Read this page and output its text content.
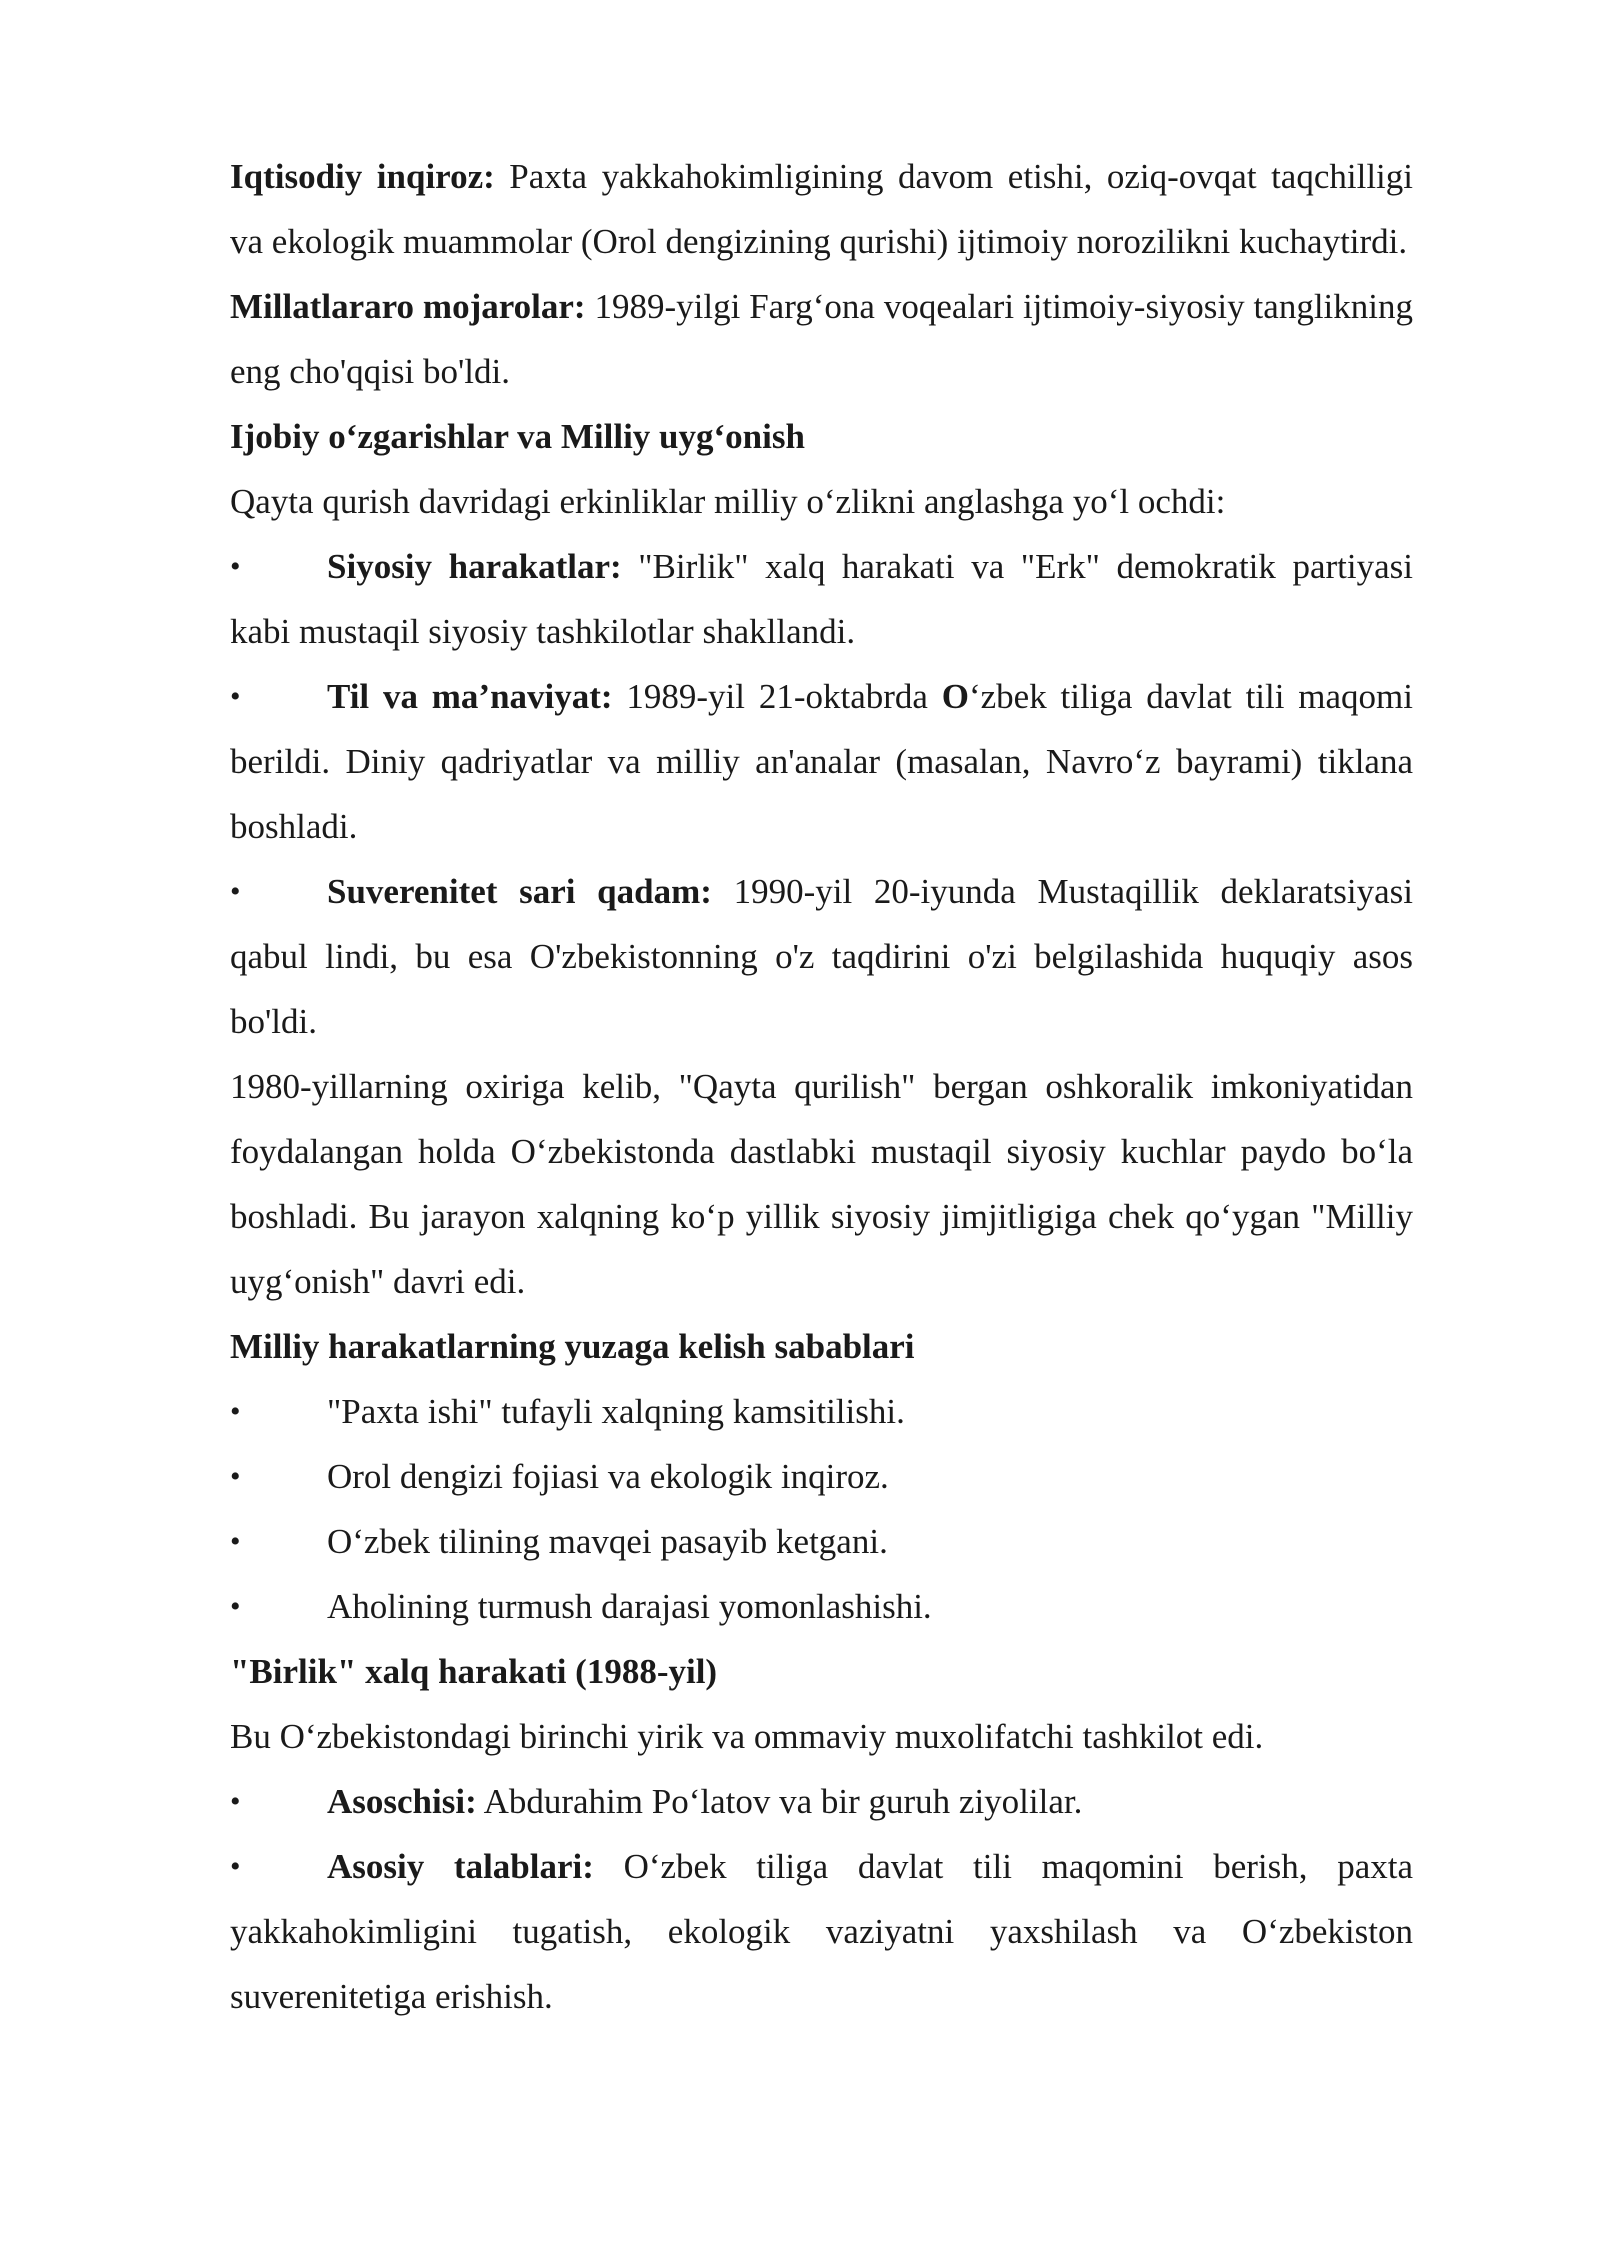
Iqtisodiy inqiroz: Paxta yakkahokimligining davom etishi, oziq-ovqat taqchilligi va ekologik muammolar (Orol dengizining qurishi) ijtimoiy norozilikni kuchaytirdi.

Millatlararo mojarolar: 1989-yilgi Farg‘ona voqealari ijtimoiy-siyosiy tanglikning eng cho'qqisi bo'ldi.

Ijobiy o‘zgarishlar va Milliy uyg‘onish

Qayta qurish davridagi erkinliklar milliy o‘zlikni anglashga yo‘l ochdi:

• Siyosiy harakatlar: "Birlik" xalq harakati va "Erk" demokratik partiyasi kabi mustaqil siyosiy tashkilotlar shakllandi.

• Til va ma’naviyat: 1989-yil 21-oktabrda O‘zbek tiliga davlat tili maqomi berildi. Diniy qadriyatlar va milliy an'analar (masalan, Navro‘z bayrami) tiklana boshladi.

• Suverenitet sari qadam: 1990-yil 20-iyunda Mustaqillik deklaratsiyasi qabul lindi, bu esa O'zbekistonning o'z taqdirini o'zi belgilashida huquqiy asos bo'ldi.

1980-yillarning oxiriga kelib, "Qayta qurilish" bergan oshkoralik imkoniyatidan foydalangan holda O‘zbekistonda dastlabki mustaqil siyosiy kuchlar paydo bo‘la boshladi. Bu jarayon xalqning ko‘p yillik siyosiy jimjitligiga chek qo‘ygan "Milliy uyg‘onish" davri edi.

Milliy harakatlarning yuzaga kelish sabablari

• "Paxta ishi" tufayli xalqning kamsitilishi.

• Orol dengizi fojiasi va ekologik inqiroz.

• O‘zbek tilining mavqei pasayib ketgani.

• Aholining turmush darajasi yomonlashishi.

"Birlik" xalq harakati (1988-yil)

Bu O‘zbekistondagi birinchi yirik va ommaviy muxolifatchi tashkilot edi.

• Asoschisi: Abdurahim Po‘latov va bir guruh ziyolilar.

• Asosiy talablari: O‘zbek tiliga davlat tili maqomini berish, paxta yakkahokimligini tugatish, ekologik vaziyatni yaxshilash va O‘zbekiston suverenitetiga erishish.
